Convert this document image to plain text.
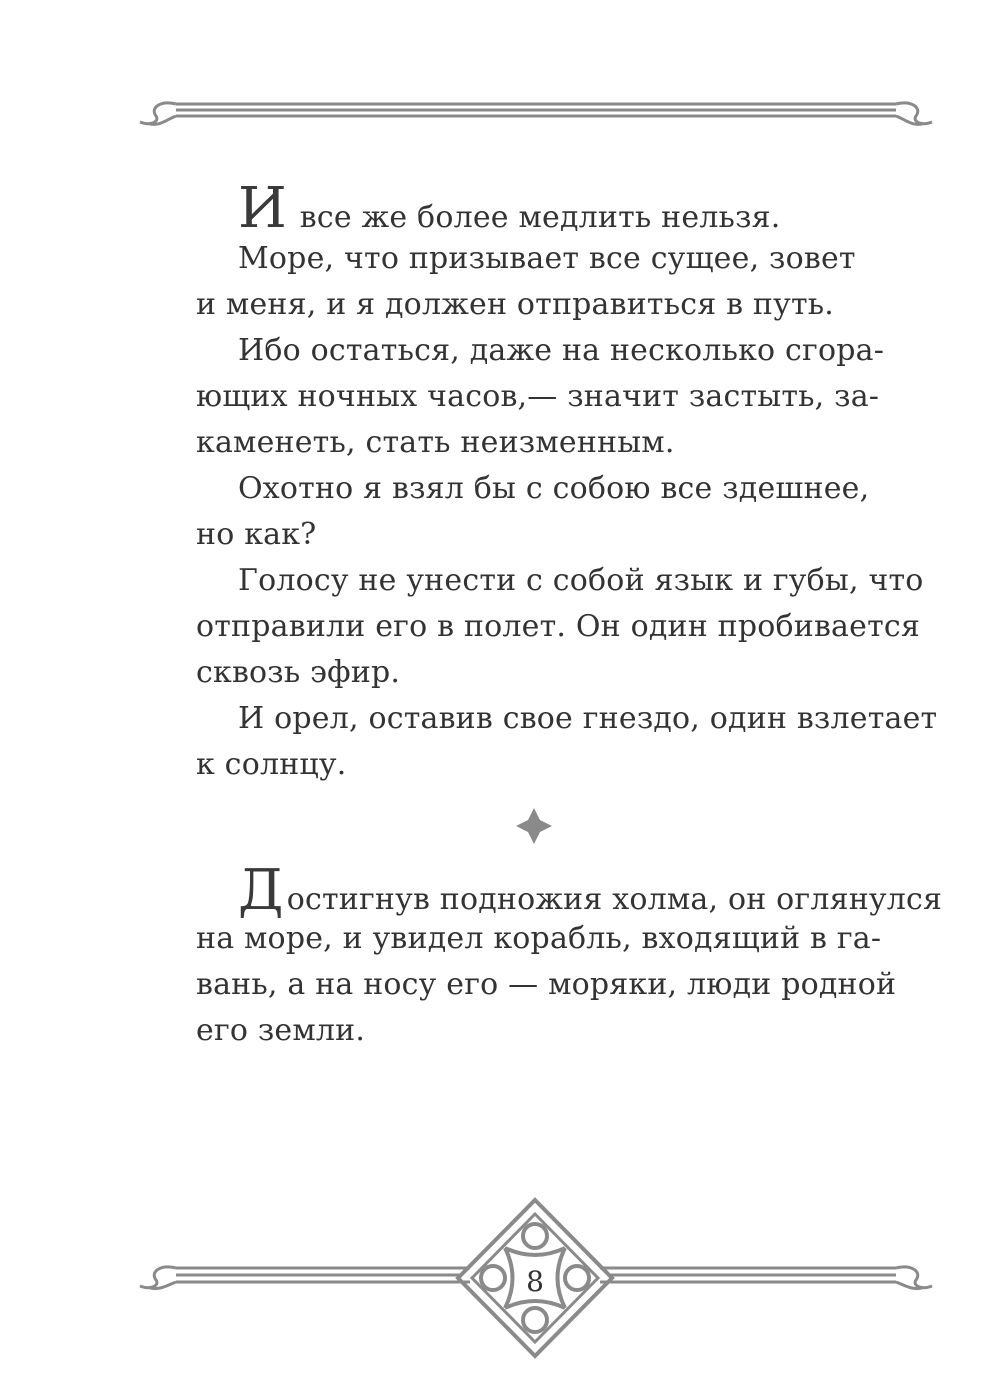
И все же более медлить нельзя.
Море, что призывает все сущее, зовет
и меня, и я должен отправиться в путь.
Ибо остаться, даже на несколько сгора-
ющих ночных часов,— значит застыть, за-
каменеть, стать неизменным.
Охотно я взял бы с собою все здешнее,
но как?
Голосу не унести с собой язык и губы, что
отправили его в полет. Он один пробивается
сквозь эфир.
И орел, оставив свое гнездо, один взлетает
к солнцу.
Достигнув подножия холма, он оглянулся
на море, и увидел корабль, входящий в га-
вань, а на носу его — моряки, люди родной
его земли.
8
